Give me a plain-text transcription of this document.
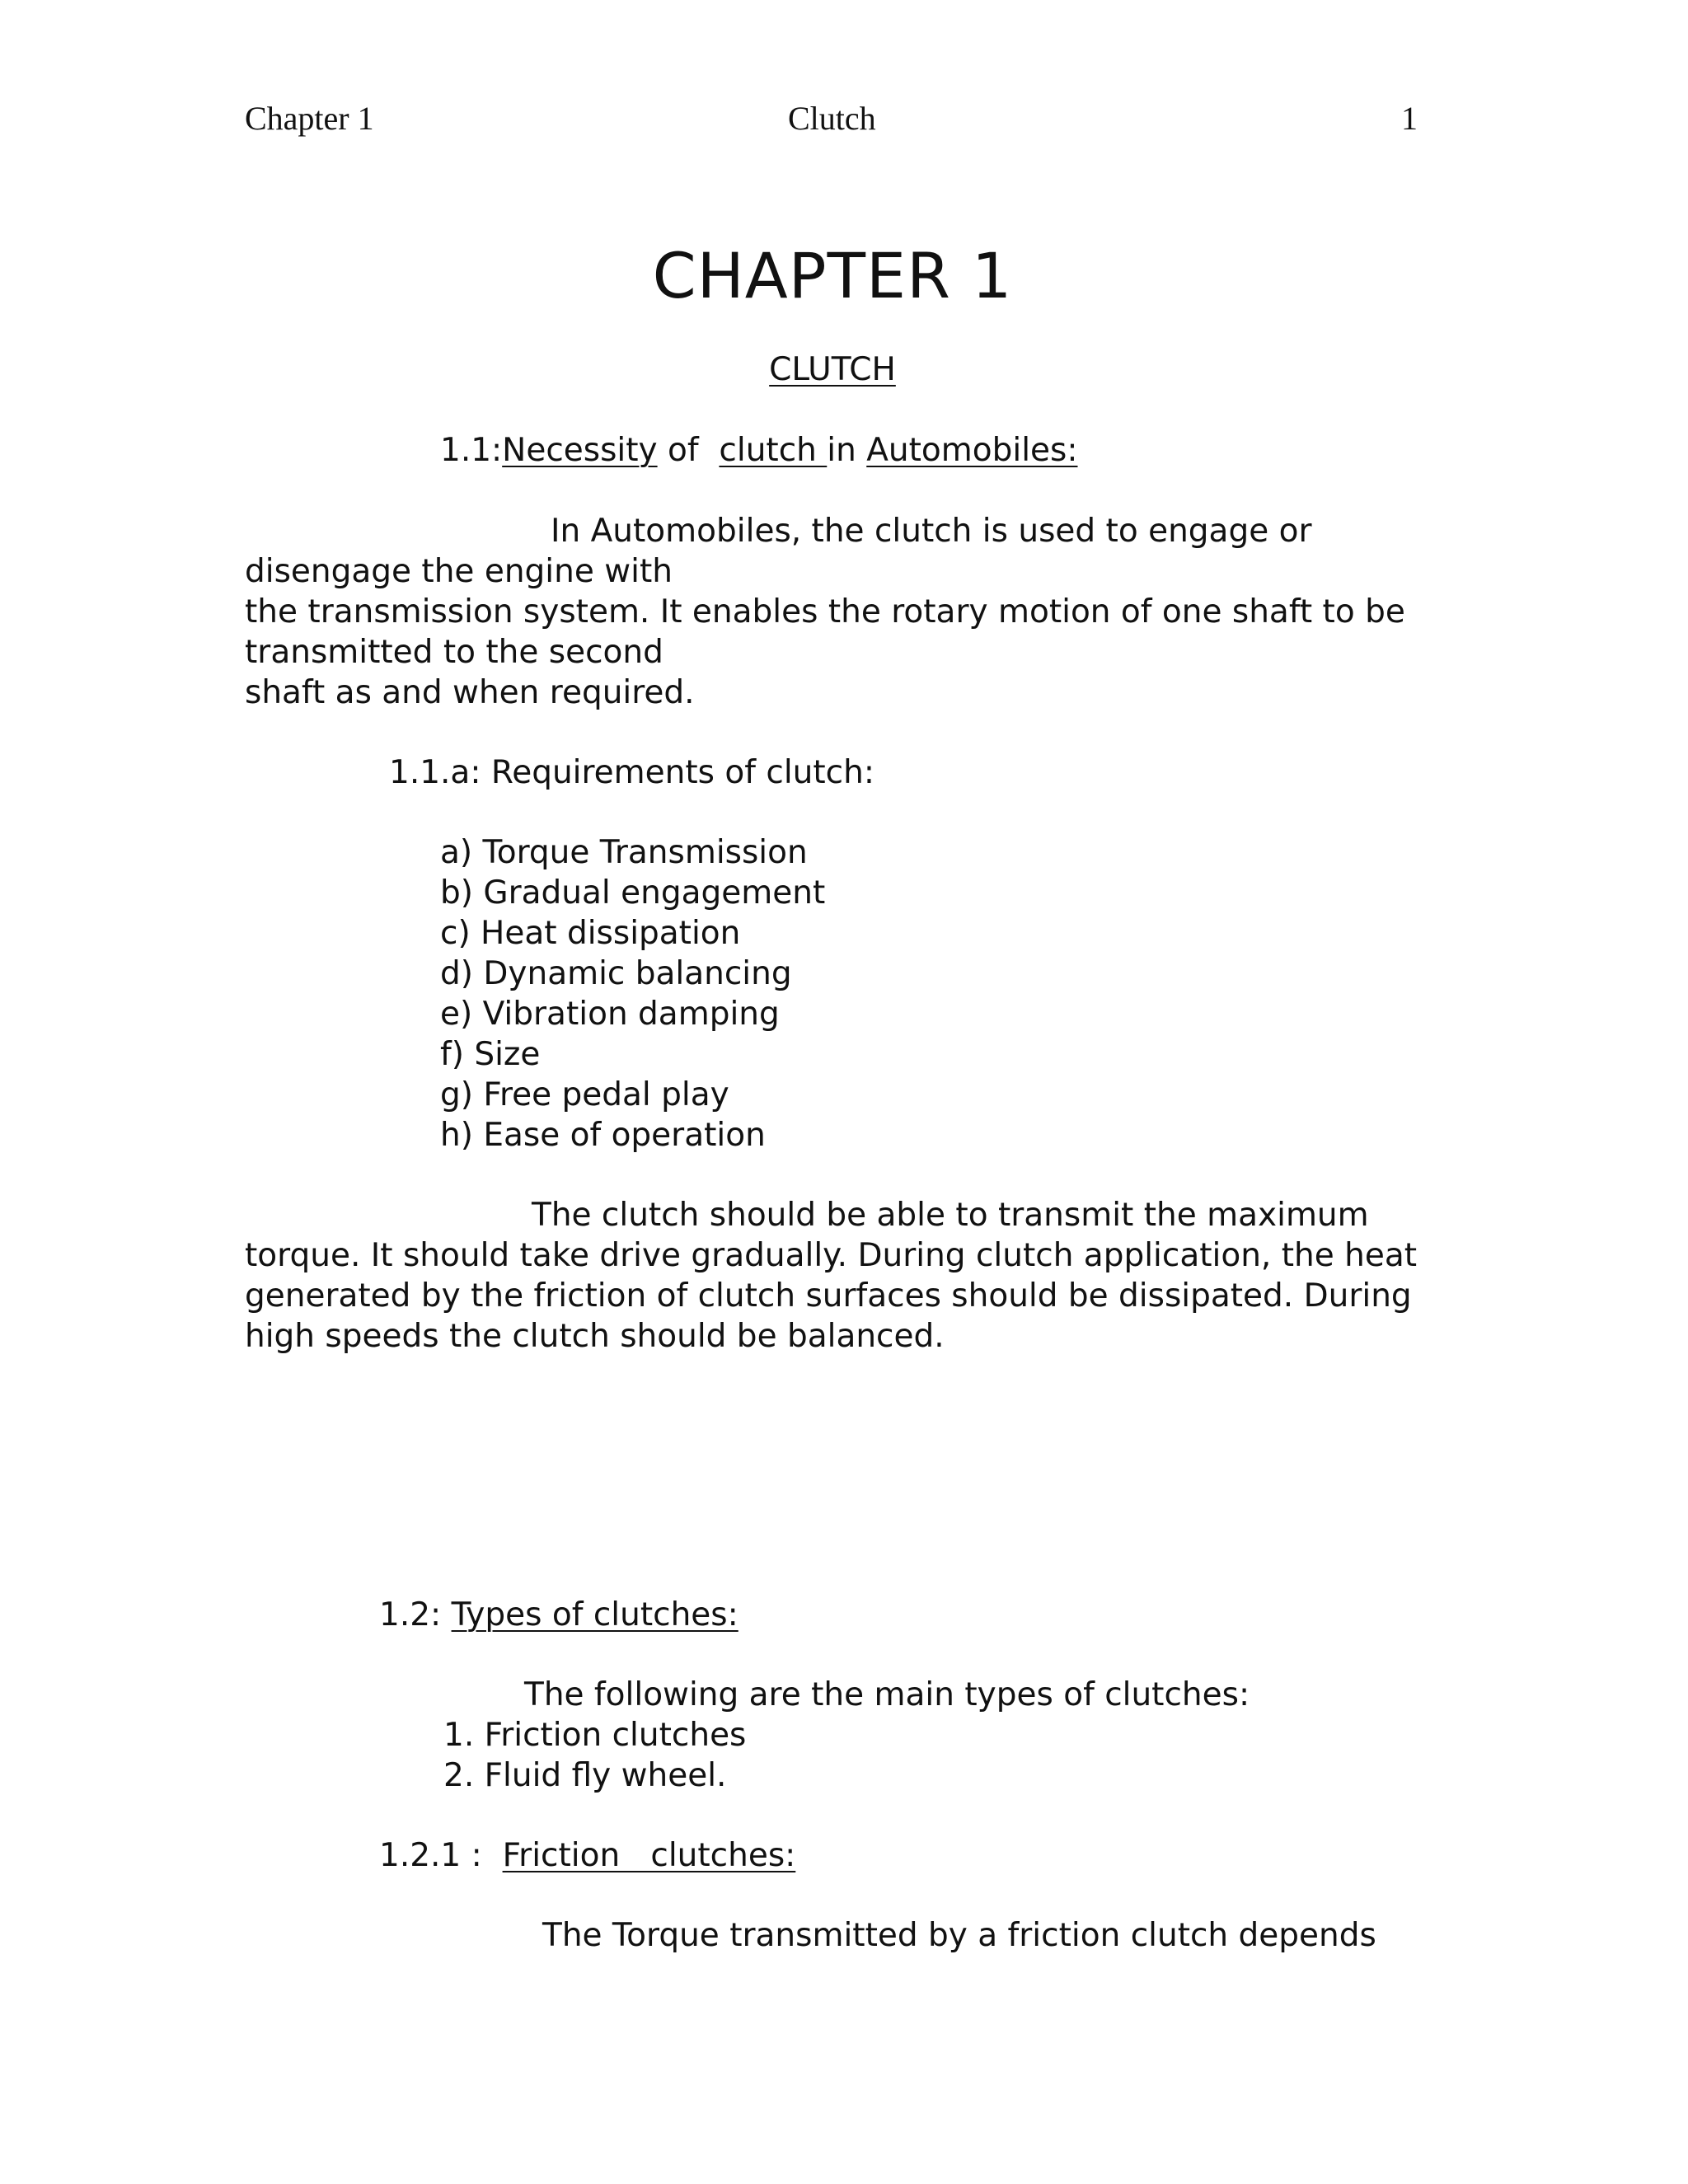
Chapter 1	Clutch	1
CHAPTER 1
CLUTCH
1.1:Necessity of  clutch in Automobiles:
In Automobiles, the clutch is used to engage or
disengage the engine with
the transmission system. It enables the rotary motion of one shaft to be
transmitted to the second
shaft as and when required.
1.1.a: Requirements of clutch:
a) Torque Transmission
b) Gradual engagement
c) Heat dissipation
d) Dynamic balancing
e) Vibration damping
f) Size
g) Free pedal play
h) Ease of operation
The clutch should be able to transmit the maximum
torque. It should take drive gradually. During clutch application, the heat
generated by the friction of clutch surfaces should be dissipated. During
high speeds the clutch should be balanced.
1.2: Types of clutches:
The following are the main types of clutches:
1. Friction clutches
2. Fluid fly wheel.
1.2.1 :  Friction   clutches:
The Torque transmitted by a friction clutch depends
